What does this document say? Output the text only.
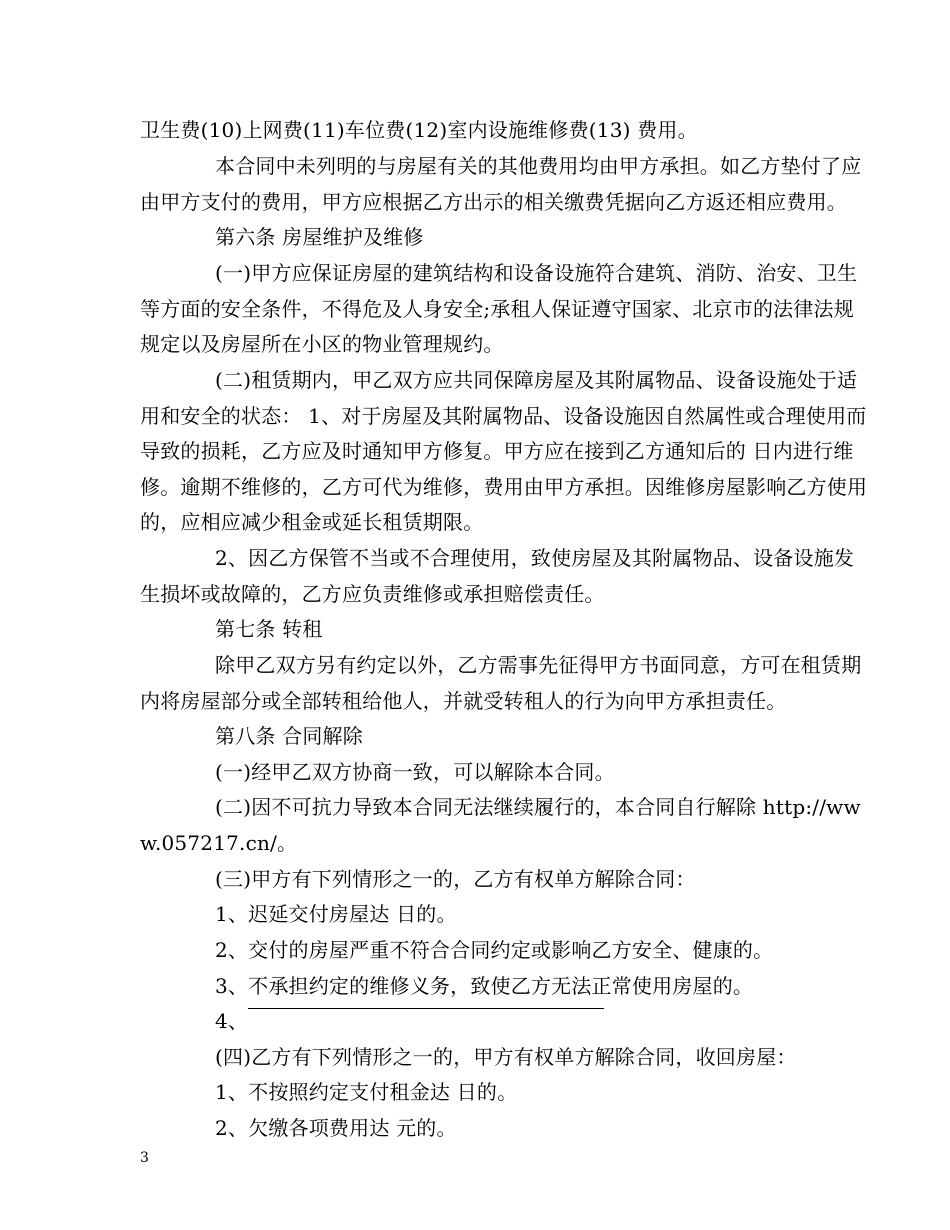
卫生费(10)上网费(11)车位费(12)室内设施维修费(13) 费用。
本合同中未列明的与房屋有关的其他费用均由甲方承担。如乙方垫付了应
由甲方支付的费用，甲方应根据乙方出示的相关缴费凭据向乙方返还相应费用。
第六条 房屋维护及维修
(一)甲方应保证房屋的建筑结构和设备设施符合建筑、消防、治安、卫生
等方面的安全条件，不得危及人身安全;承租人保证遵守国家、北京市的法律法规
规定以及房屋所在小区的物业管理规约。
(二)租赁期内，甲乙双方应共同保障房屋及其附属物品、设备设施处于适
用和安全的状态： 1、对于房屋及其附属物品、设备设施因自然属性或合理使用而
导致的损耗，乙方应及时通知甲方修复。甲方应在接到乙方通知后的 日内进行维
修。逾期不维修的，乙方可代为维修，费用由甲方承担。因维修房屋影响乙方使用
的，应相应减少租金或延长租赁期限。
2、因乙方保管不当或不合理使用，致使房屋及其附属物品、设备设施发
生损坏或故障的，乙方应负责维修或承担赔偿责任。
第七条 转租
除甲乙双方另有约定以外，乙方需事先征得甲方书面同意，方可在租赁期
内将房屋部分或全部转租给他人，并就受转租人的行为向甲方承担责任。
第八条 合同解除
(一)经甲乙双方协商一致，可以解除本合同。
(二)因不可抗力导致本合同无法继续履行的，本合同自行解除 http://ww
w.057217.cn/。
(三)甲方有下列情形之一的，乙方有权单方解除合同：
1、迟延交付房屋达 日的。
2、交付的房屋严重不符合合同约定或影响乙方安全、健康的。
3、不承担约定的维修义务，致使乙方无法正常使用房屋的。
4、
(四)乙方有下列情形之一的，甲方有权单方解除合同，收回房屋：
1、不按照约定支付租金达 日的。
2、欠缴各项费用达 元的。
3
